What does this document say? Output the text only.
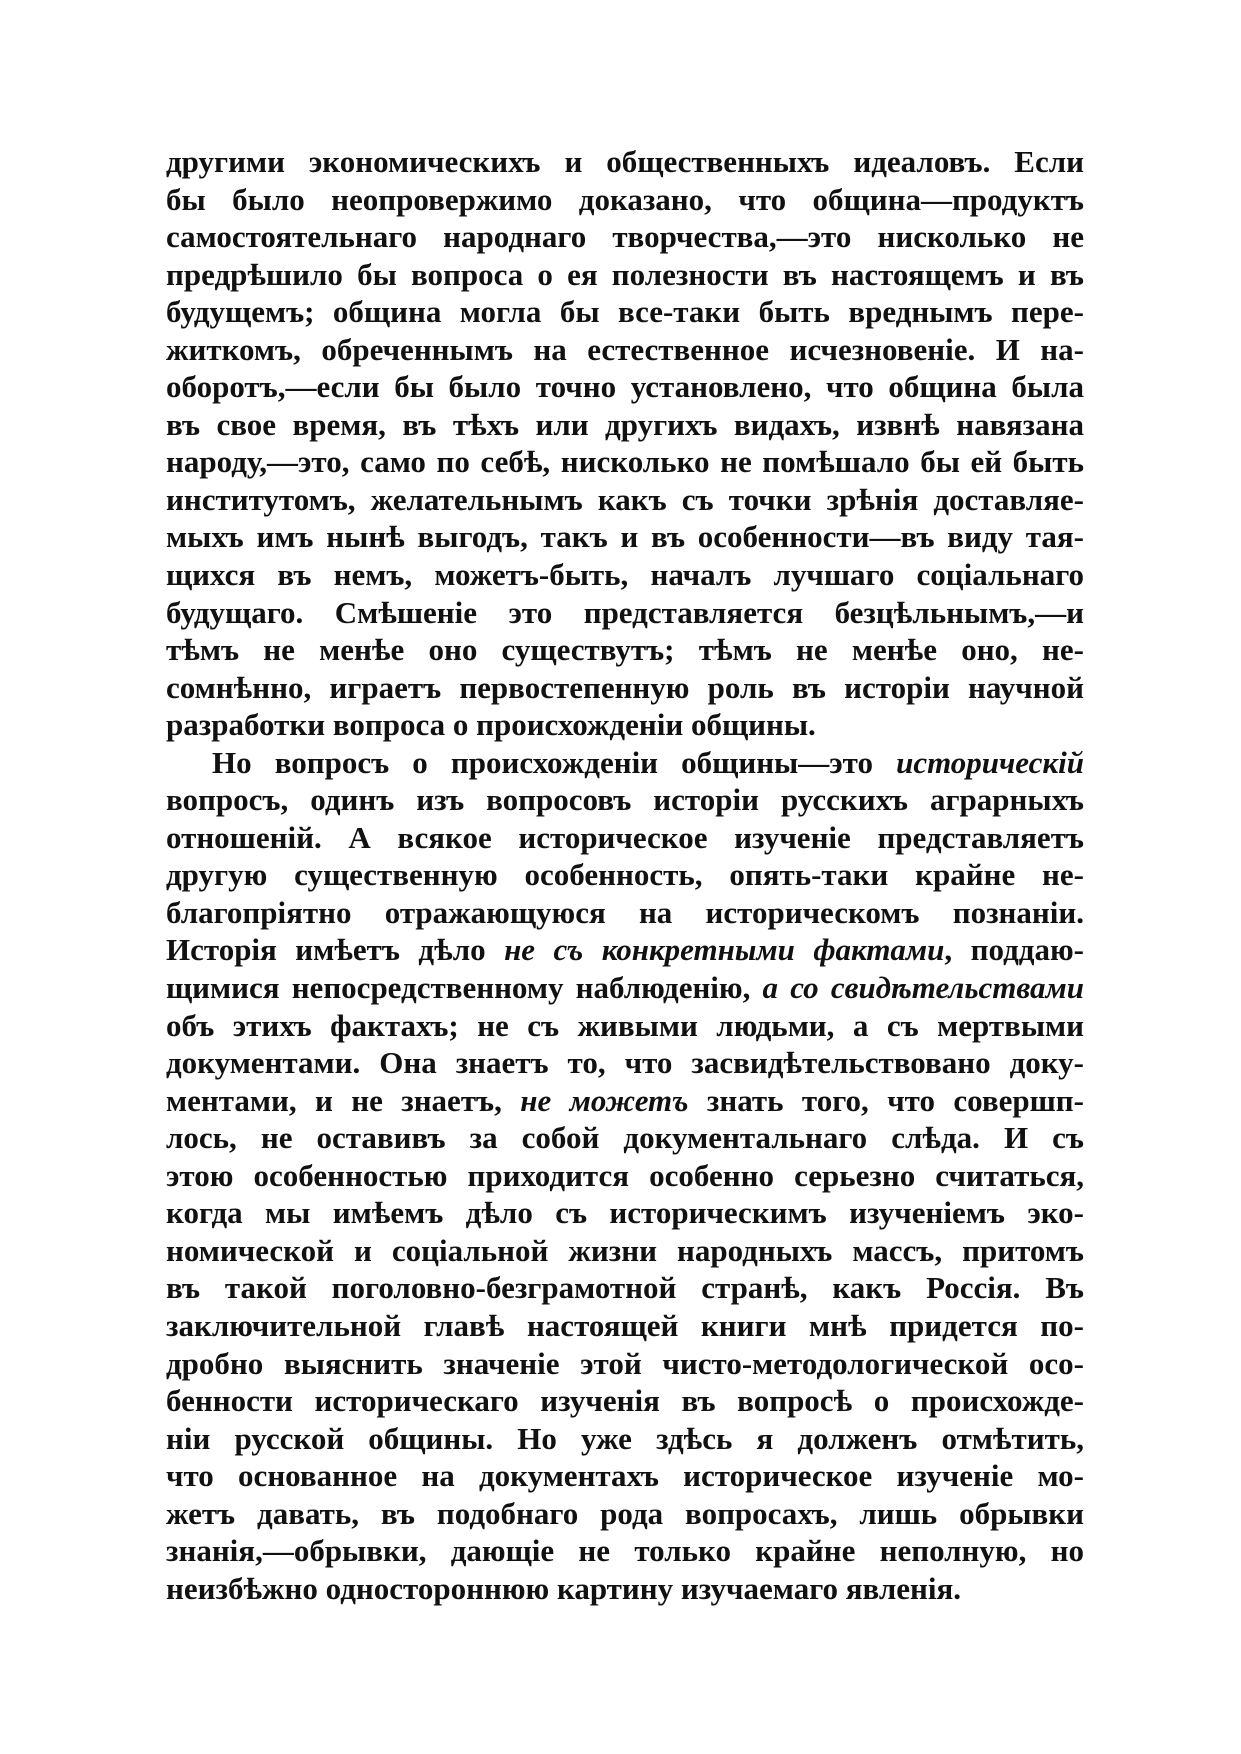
другими экономическихъ и общественныхъ идеаловъ. Если
бы было неопровержимо доказано, что община—продуктъ
самостоятельнаго народнаго творчества,—это нисколько не
предрѣшило бы вопроса о ея полезности въ настоящемъ и въ
будущемъ; община могла бы все-таки быть вреднымъ пере-
житкомъ, обреченнымъ на естественное исчезновеніе. И на-
оборотъ,—если бы было точно установлено, что община была
въ свое время, въ тѣхъ или другихъ видахъ, извнѣ навязана
народу,—это, само по себѣ, нисколько не помѣшало бы ей быть
институтомъ, желательнымъ какъ съ точки зрѣнія доставляе-
мыхъ имъ нынѣ выгодъ, такъ и въ особенности—въ виду тая-
щихся въ немъ, можетъ-быть, началъ лучшаго соціальнаго
будущаго. Смѣшеніе это представляется безцѣльнымъ,—и
тѣмъ не менѣе оно существутъ; тѣмъ не менѣе оно, не-
сомнѣнно, играетъ первостепенную роль въ исторіи научной
разработки вопроса о происхожденіи общины.
Но вопросъ о происхожденіи общины—это историческій
вопросъ, одинъ изъ вопросовъ исторіи русскихъ аграрныхъ
отношеній. А всякое историческое изученіе представляетъ
другую существенную особенность, опять-таки крайне не-
благопріятно отражающуюся на историческомъ познаніи.
Исторія имѣетъ дѣло не съ конкретными фактами, поддаю-
щимися непосредственному наблюденію, а со свидѣтельствами
объ этихъ фактахъ; не съ живыми людьми, а съ мертвыми
документами. Она знаетъ то, что засвидѣтельствовано доку-
ментами, и не знаетъ, не можетъ знать того, что совершп-
лось, не оставивъ за собой документальнаго слѣда. И съ
этою особенностью приходится особенно серьезно считаться,
когда мы имѣемъ дѣло съ историческимъ изученіемъ эко-
номической и соціальной жизни народныхъ массъ, притомъ
въ такой поголовно-безграмотной странѣ, какъ Россія. Въ
заключительной главѣ настоящей книги мнѣ придется по-
дробно выяснить значеніе этой чисто-методологической осо-
бенности историческаго изученія въ вопросѣ о происхожде-
ніи русской общины. Но уже здѣсь я долженъ отмѣтить,
что основанное на документахъ историческое изученіе мо-
жетъ давать, въ подобнаго рода вопросахъ, лишь обрывки
знанія,—обрывки, дающіе не только крайне неполную, но
неизбѣжно одностороннюю картину изучаемаго явленія.
